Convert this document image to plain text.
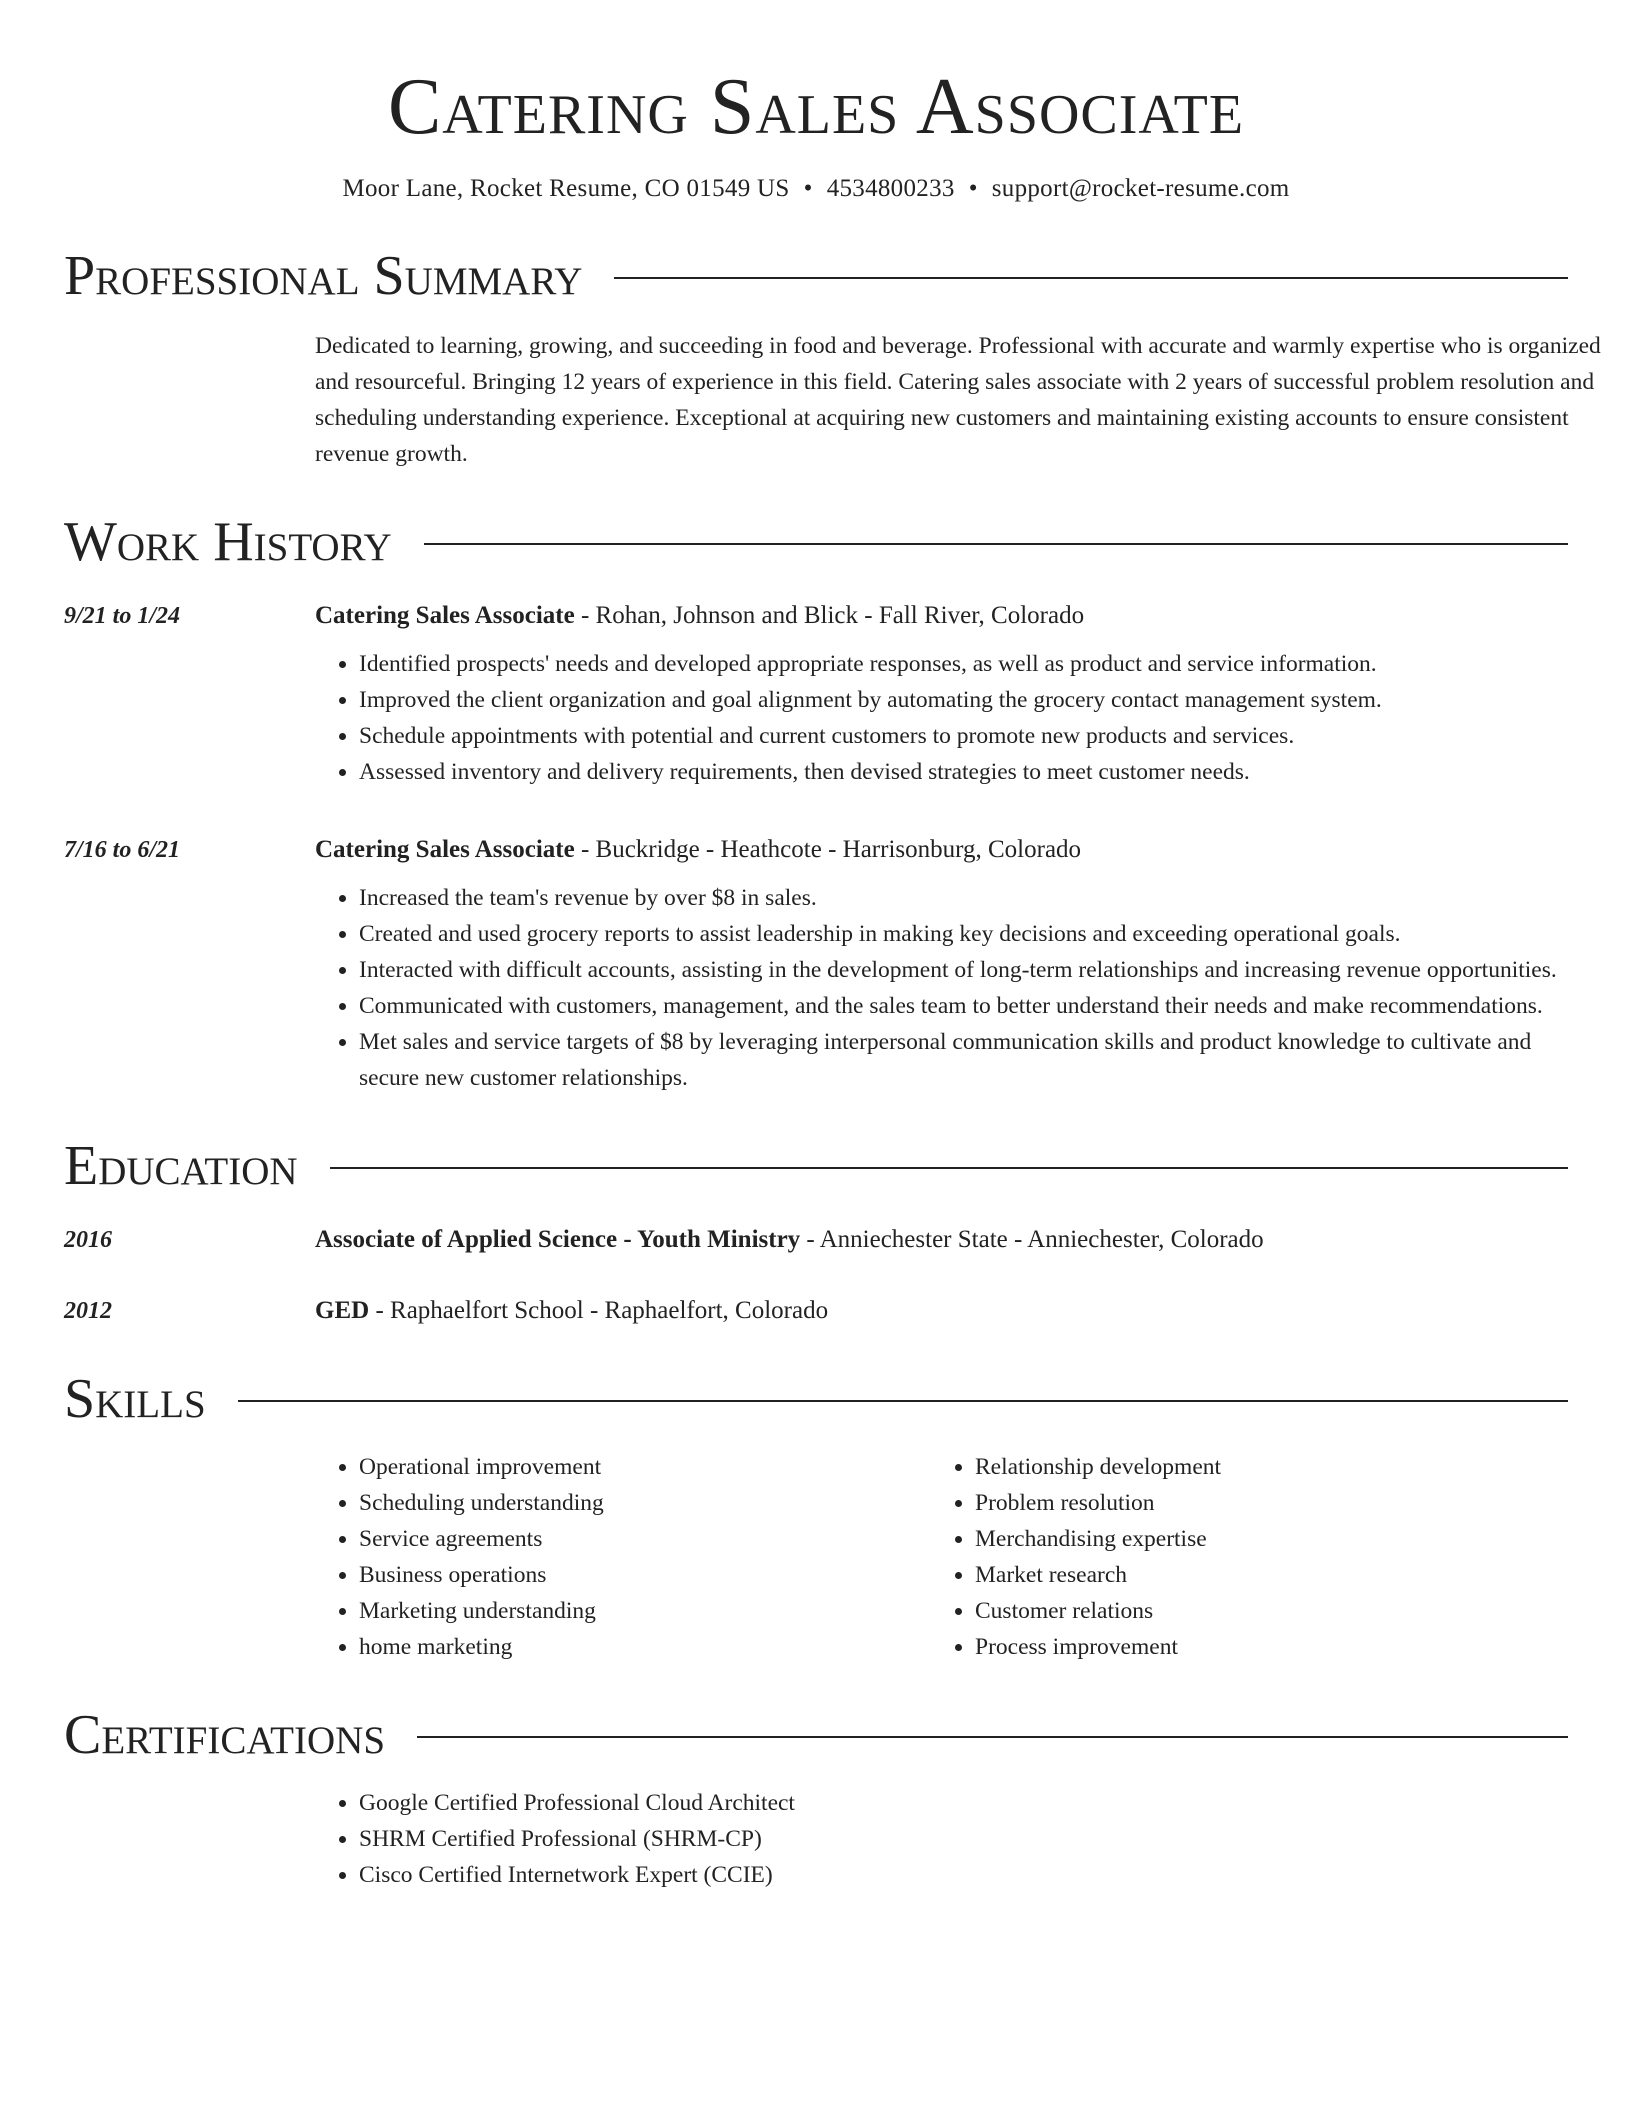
Catering Sales Associate
Moor Lane, Rocket Resume, CO 01549 US • 4534800233 • support@rocket-resume.com
Professional Summary
Dedicated to learning, growing, and succeeding in food and beverage. Professional with accurate and warmly expertise who is organized and resourceful. Bringing 12 years of experience in this field. Catering sales associate with 2 years of successful problem resolution and scheduling understanding experience. Exceptional at acquiring new customers and maintaining existing accounts to ensure consistent revenue growth.
Work History
9/21 to 1/24	Catering Sales Associate - Rohan, Johnson and Blick - Fall River, Colorado
• Identified prospects' needs and developed appropriate responses, as well as product and service information.
• Improved the client organization and goal alignment by automating the grocery contact management system.
• Schedule appointments with potential and current customers to promote new products and services.
• Assessed inventory and delivery requirements, then devised strategies to meet customer needs.
7/16 to 6/21	Catering Sales Associate - Buckridge - Heathcote - Harrisonburg, Colorado
• Increased the team's revenue by over $8 in sales.
• Created and used grocery reports to assist leadership in making key decisions and exceeding operational goals.
• Interacted with difficult accounts, assisting in the development of long-term relationships and increasing revenue opportunities.
• Communicated with customers, management, and the sales team to better understand their needs and make recommendations.
• Met sales and service targets of $8 by leveraging interpersonal communication skills and product knowledge to cultivate and secure new customer relationships.
Education
2016	Associate of Applied Science - Youth Ministry - Anniechester State - Anniechester, Colorado
2012	GED - Raphaelfort School - Raphaelfort, Colorado
Skills
• Operational improvement
• Scheduling understanding
• Service agreements
• Business operations
• Marketing understanding
• home marketing
• Relationship development
• Problem resolution
• Merchandising expertise
• Market research
• Customer relations
• Process improvement
Certifications
• Google Certified Professional Cloud Architect
• SHRM Certified Professional (SHRM-CP)
• Cisco Certified Internetwork Expert (CCIE)
